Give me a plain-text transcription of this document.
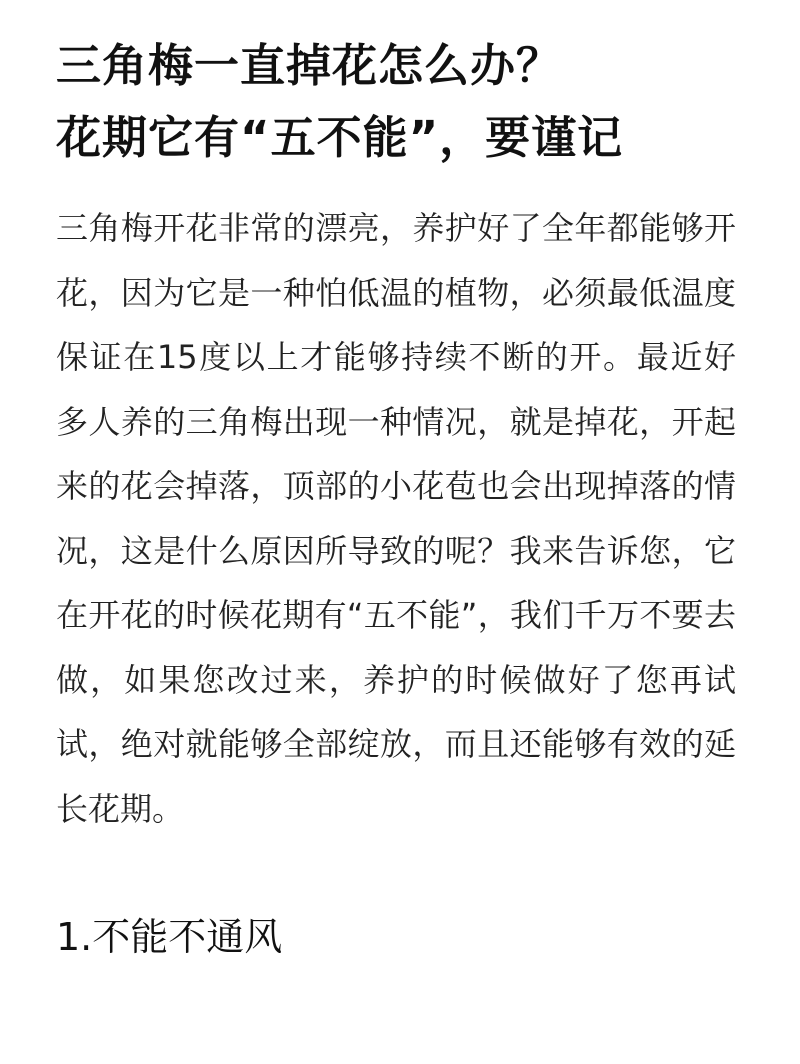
三角梅一直掉花怎么办？
花期它有“五不能”，要谨记

三角梅开花非常的漂亮，养护好了全年都能够开花，因为它是一种怕低温的植物，必须最低温度保证在15度以上才能够持续不断的开。最近好多人养的三角梅出现一种情况，就是掉花，开起来的花会掉落，顶部的小花苞也会出现掉落的情况，这是什么原因所导致的呢？我来告诉您，它在开花的时候花期有“五不能”，我们千万不要去做，如果您改过来，养护的时候做好了您再试试，绝对就能够全部绽放，而且还能够有效的延长花期。

1.不能不通风
